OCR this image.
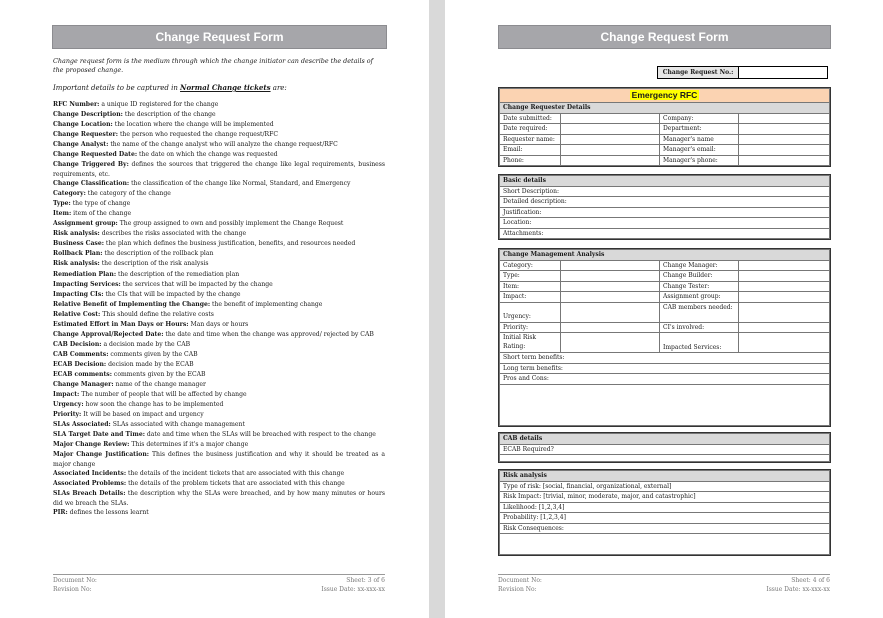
Change Request Form
Change request form is the medium through which the change initiator can describe the details of the proposed change.
Important details to be captured in Normal Change tickets are:
RFC Number: a unique ID registered for the change
Change Description: the description of the change
Change Location: the location where the change will be implemented
Change Requester: the person who requested the change request/RFC
Change Analyst: the name of the change analyst who will analyze the change request/RFC
Change Requested Date: the date on which the change was requested
Change Triggered By: defines the sources that triggered the change like legal requirements, business requirements, etc.
Change Classification: the classification of the change like Normal, Standard, and Emergency
Category: the category of the change
Type: the type of change
Item: item of the change
Assignment group: The group assigned to own and possibly implement the Change Request
Risk analysis: describes the risks associated with the change
Business Case: the plan which defines the business justification, benefits, and resources needed
Rollback Plan: the description of the rollback plan
Risk analysis: the description of the risk analysis
Remediation Plan: the description of the remediation plan
Impacting Services: the services that will be impacted by the change
Impacting CIs: the CIs that will be impacted by the change
Relative Benefit of Implementing the Change: the benefit of implementing change
Relative Cost: This should define the relative costs
Estimated Effort in Man Days or Hours: Man days or hours
Change Approval/Rejected Date: the date and time when the change was approved/ rejected by CAB
CAB Decision: a decision made by the CAB
CAB Comments: comments given by the CAB
ECAB Decision: decision made by the ECAB
ECAB comments: comments given by the ECAB
Change Manager: name of the change manager
Impact: The number of people that will be affected by change
Urgency: how soon the change has to be implemented
Priority: It will be based on impact and urgency
SLAs Associated: SLAs associated with change management
SLA Target Date and Time: date and time when the SLAs will be breached with respect to the change
Major Change Review: This determines if it's a major change
Major Change Justification: This defines the business justification and why it should be treated as a major change
Associated Incidents: the details of the incident tickets that are associated with this change
Associated Problems: the details of the problem tickets that are associated with this change
SLAs Breach Details: the description why the SLAs were breached, and by how many minutes or hours did we breach the SLAs.
PIR: defines the lessons learnt
Document No:	Sheet: 3 of 6
Revision No:	Issue Date: xx-xxx-xx
Change Request Form
Change Request No.:
Emergency RFC			
Change Requester Details			
Date submitted:		Company:	
Date required:		Department:	
Requester name:		Manager's name	
Email:		Manager's email:	
Phone:		Manager's phone:	
Basic details
Short Description:
Detailed description:
Justification:
Location:
Attachments:
Change Management Analysis			
Category:		Change Manager:	
Type:		Change Builder:	
Item:		Change Tester:	
Impact:		Assignment group:	
Urgency:		CAB members needed:	
Priority:		CI's involved:	
Initial Risk Rating:		Impacted Services:	
Short term benefits:			
Long term benefits:			
Pros and Cons:			

CAB details
ECAB Required?

Risk analysis
Type of risk: [social, financial, organizational, external]
Risk Impact: [trivial, minor, moderate, major, and catastrophic]
Likelihood: [1,2,3,4]
Probability: [1,2,3,4]
Risk Consequences:

Document No:	Sheet: 4 of 6
Revision No:	Issue Date: xx-xxx-xx
